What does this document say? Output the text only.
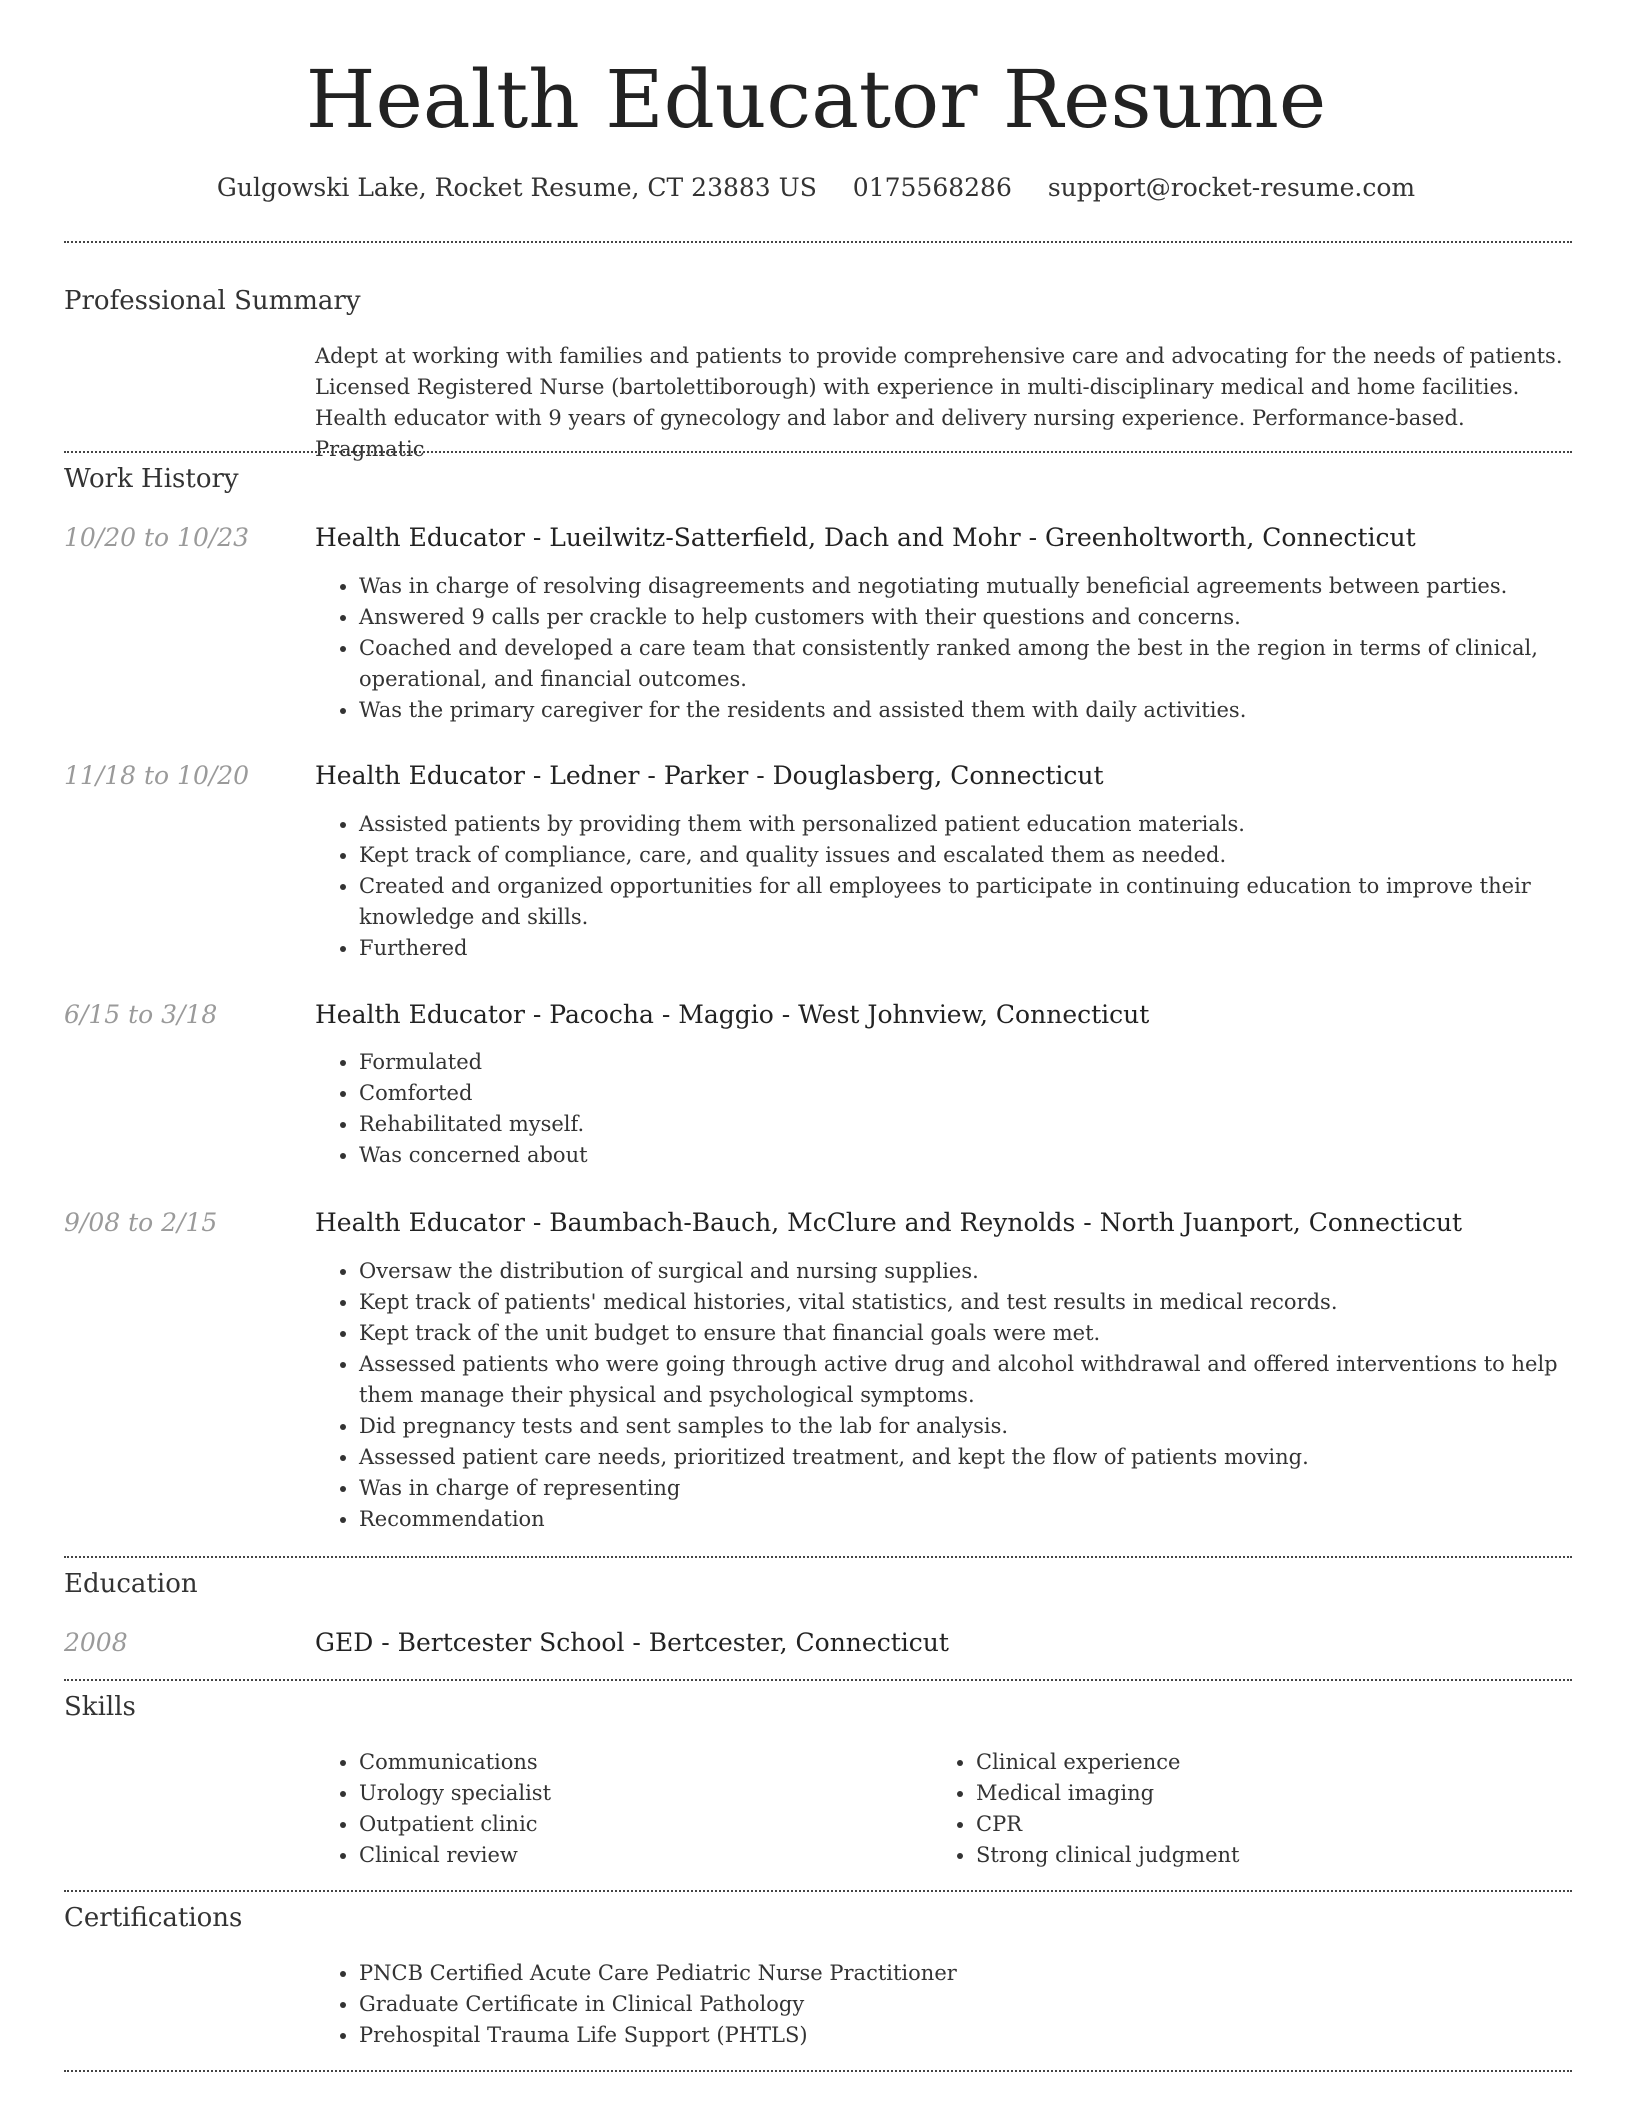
Health Educator Resume
Gulgowski Lake, Rocket Resume, CT 23883 US 0175568286 support@rocket-resume.com
Professional Summary
Adept at working with families and patients to provide comprehensive care and advocating for the needs of patients. Licensed Registered Nurse (bartolettiborough) with experience in multi-disciplinary medical and home facilities. Health educator with 9 years of gynecology and labor and delivery nursing experience. Performance-based. Pragmatic
Work History
10/20 to 10/23	Health Educator - Lueilwitz-Satterfield, Dach and Mohr - Greenholtworth, Connecticut
• Was in charge of resolving disagreements and negotiating mutually beneficial agreements between parties.
• Answered 9 calls per crackle to help customers with their questions and concerns.
• Coached and developed a care team that consistently ranked among the best in the region in terms of clinical, operational, and financial outcomes.
• Was the primary caregiver for the residents and assisted them with daily activities.
11/18 to 10/20	Health Educator - Ledner - Parker - Douglasberg, Connecticut
• Assisted patients by providing them with personalized patient education materials.
• Kept track of compliance, care, and quality issues and escalated them as needed.
• Created and organized opportunities for all employees to participate in continuing education to improve their knowledge and skills.
• Furthered
6/15 to 3/18	Health Educator - Pacocha - Maggio - West Johnview, Connecticut
• Formulated
• Comforted
• Rehabilitated myself.
• Was concerned about
9/08 to 2/15	Health Educator - Baumbach-Bauch, McClure and Reynolds - North Juanport, Connecticut
• Oversaw the distribution of surgical and nursing supplies.
• Kept track of patients' medical histories, vital statistics, and test results in medical records.
• Kept track of the unit budget to ensure that financial goals were met.
• Assessed patients who were going through active drug and alcohol withdrawal and offered interventions to help them manage their physical and psychological symptoms.
• Did pregnancy tests and sent samples to the lab for analysis.
• Assessed patient care needs, prioritized treatment, and kept the flow of patients moving.
• Was in charge of representing
• Recommendation
Education
2008	GED - Bertcester School - Bertcester, Connecticut
Skills
• Communications
• Urology specialist
• Outpatient clinic
• Clinical review
• Clinical experience
• Medical imaging
• CPR
• Strong clinical judgment
Certifications
• PNCB Certified Acute Care Pediatric Nurse Practitioner
• Graduate Certificate in Clinical Pathology
• Prehospital Trauma Life Support (PHTLS)
